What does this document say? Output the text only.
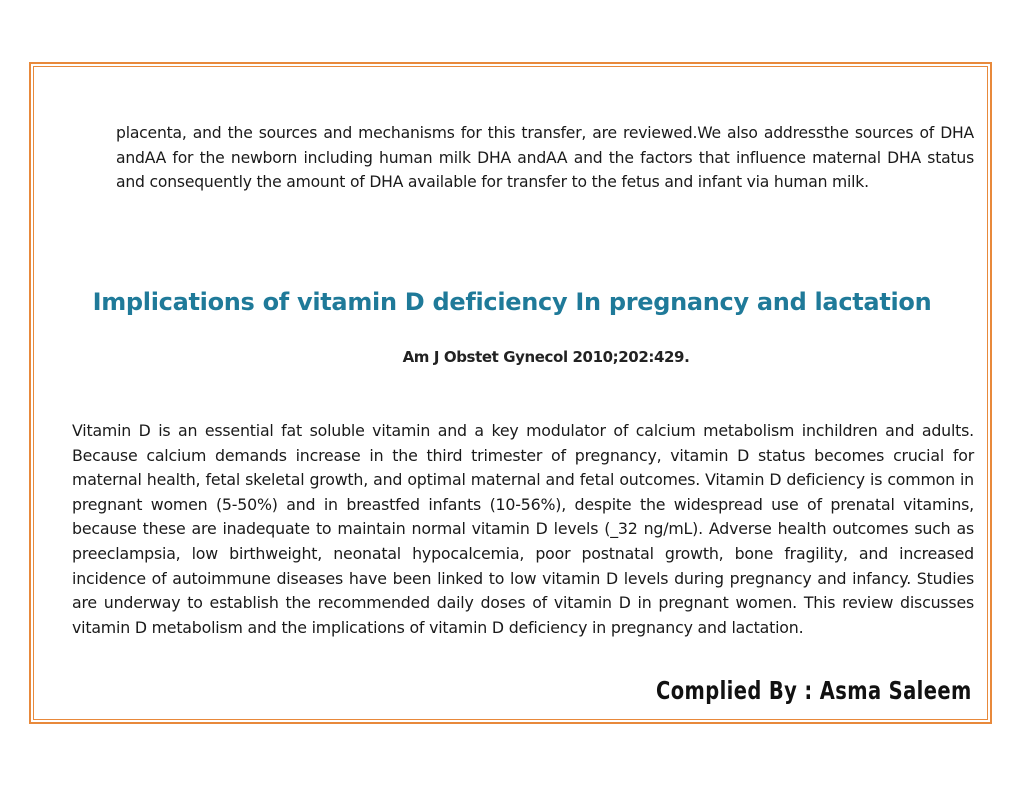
placenta, and the sources and mechanisms for this transfer, are reviewed.We also addressthe sources of DHA andAA for the newborn including human milk DHA andAA and the factors that influence maternal DHA status and consequently the amount of DHA available for transfer to the fetus and infant via human milk.

Implications of vitamin D deficiency In pregnancy and lactation

Am J Obstet Gynecol 2010;202:429.

Vitamin D is an essential fat soluble vitamin and a key modulator of calcium metabolism inchildren and adults. Because calcium demands increase in the third trimester of pregnancy, vitamin D status becomes crucial for maternal health, fetal skeletal growth, and optimal maternal and fetal outcomes. Vitamin D deficiency is common in pregnant women (5-50%) and in breastfed infants (10-56%), despite the widespread use of prenatal vitamins, because these are inadequate to maintain normal vitamin D levels (_32 ng/mL). Adverse health outcomes such as preeclampsia, low birthweight, neonatal hypocalcemia, poor postnatal growth, bone fragility, and increased incidence of autoimmune diseases have been linked to low vitamin D levels during pregnancy and infancy. Studies are underway to establish the recommended daily doses of vitamin D in pregnant women. This review discusses vitamin D metabolism and the implications of vitamin D deficiency in pregnancy and lactation.

Complied By : Asma Saleem
